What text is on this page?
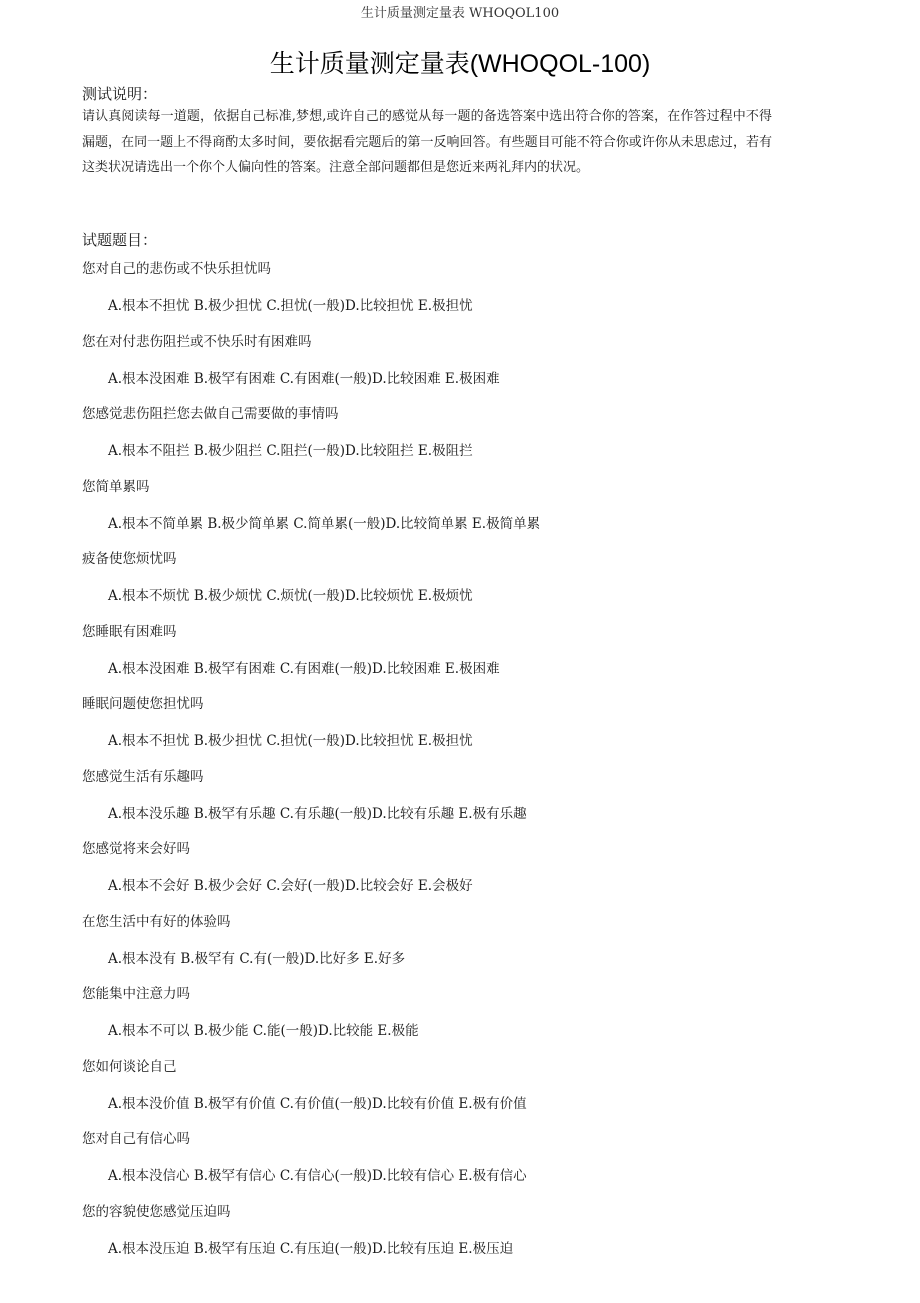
生计质量测定量表 WHOQOL100
生计质量测定量表(WHOQOL-100)
测试说明：
请认真阅读每一道题，依据自己标准,梦想,或许自己的感觉从每一题的备选答案中选出符合你的答案，在作答过程中不得漏题，在同一题上不得商酌太多时间，要依据看完题后的第一反响回答。有些题目可能不符合你或许你从未思虑过，若有这类状况请选出一个你个人偏向性的答案。注意全部问题都但是您近来两礼拜内的状况。
试题题目：
您对自己的悲伤或不快乐担忧吗
A.根本不担忧 B.极少担忧 C.担忧(一般)D.比较担忧 E.极担忧
您在对付悲伤阻拦或不快乐时有困难吗
A.根本没困难 B.极罕有困难 C.有困难(一般)D.比较困难 E.极困难
您感觉悲伤阻拦您去做自己需要做的事情吗
A.根本不阻拦 B.极少阻拦 C.阻拦(一般)D.比较阻拦 E.极阻拦
您简单累吗
A.根本不简单累 B.极少简单累 C.简单累(一般)D.比较简单累 E.极简单累
疲备使您烦忧吗
A.根本不烦忧 B.极少烦忧 C.烦忧(一般)D.比较烦忧 E.极烦忧
您睡眠有困难吗
A.根本没困难 B.极罕有困难 C.有困难(一般)D.比较困难 E.极困难
睡眠问题使您担忧吗
A.根本不担忧 B.极少担忧 C.担忧(一般)D.比较担忧 E.极担忧
您感觉生活有乐趣吗
A.根本没乐趣 B.极罕有乐趣 C.有乐趣(一般)D.比较有乐趣 E.极有乐趣
您感觉将来会好吗
A.根本不会好 B.极少会好 C.会好(一般)D.比较会好 E.会极好
在您生活中有好的体验吗
A.根本没有 B.极罕有 C.有(一般)D.比好多 E.好多
您能集中注意力吗
A.根本不可以 B.极少能 C.能(一般)D.比较能 E.极能
您如何谈论自己
A.根本没价值 B.极罕有价值 C.有价值(一般)D.比较有价值 E.极有价值
您对自己有信心吗
A.根本没信心 B.极罕有信心 C.有信心(一般)D.比较有信心 E.极有信心
您的容貌使您感觉压迫吗
A.根本没压迫 B.极罕有压迫 C.有压迫(一般)D.比较有压迫 E.极压迫
